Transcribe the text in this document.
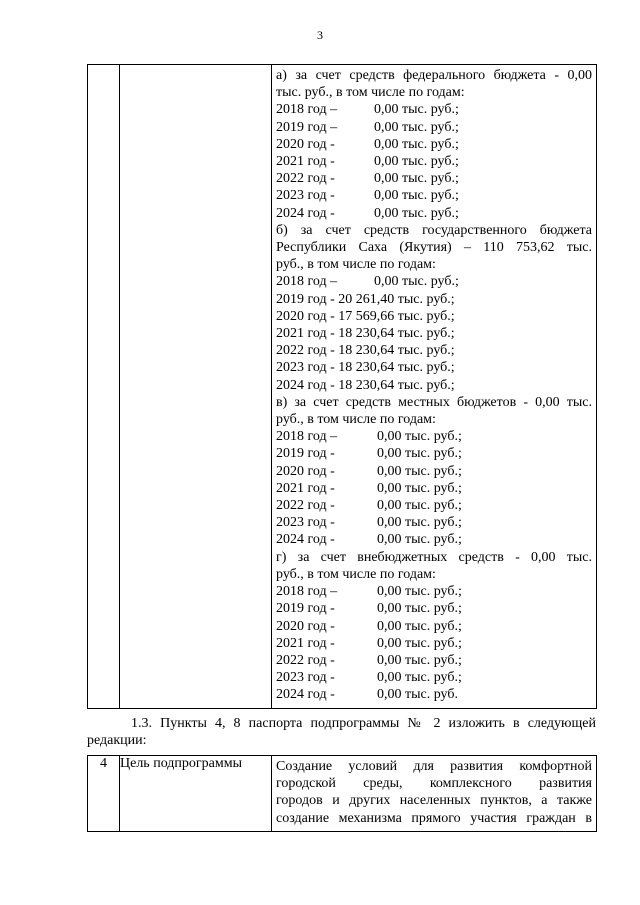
3

а) за счет средств федерального бюджета - 0,00
тыс. руб., в том числе по годам:
2018 год –	0,00 тыс. руб.;
2019 год –	0,00 тыс. руб.;
2020 год -	0,00 тыс. руб.;
2021 год -	0,00 тыс. руб.;
2022 год -	0,00 тыс. руб.;
2023 год -	0,00 тыс. руб.;
2024 год -	0,00 тыс. руб.;
б) за счет средств государственного бюджета
Республики Саха (Якутия) – 110 753,62 тыс.
руб., в том числе по годам:
2018 год –	0,00 тыс. руб.;
2019 год - 20 261,40 тыс. руб.;
2020 год - 17 569,66 тыс. руб.;
2021 год - 18 230,64 тыс. руб.;
2022 год - 18 230,64 тыс. руб.;
2023 год - 18 230,64 тыс. руб.;
2024 год - 18 230,64 тыс. руб.;
в) за счет средств местных бюджетов - 0,00 тыс.
руб., в том числе по годам:
2018 год –	0,00 тыс. руб.;
2019 год -	0,00 тыс. руб.;
2020 год -	0,00 тыс. руб.;
2021 год -	0,00 тыс. руб.;
2022 год -	0,00 тыс. руб.;
2023 год -	0,00 тыс. руб.;
2024 год -	0,00 тыс. руб.;
г) за счет внебюджетных средств - 0,00 тыс.
руб., в том числе по годам:
2018 год –	0,00 тыс. руб.;
2019 год -	0,00 тыс. руб.;
2020 год -	0,00 тыс. руб.;
2021 год -	0,00 тыс. руб.;
2022 год -	0,00 тыс. руб.;
2023 год -	0,00 тыс. руб.;
2024 год -	0,00 тыс. руб.
1.3. Пункты 4, 8 паспорта подпрограммы № 2 изложить в следующей
редакции:
4	Цель подпрограммы	Создание условий для развития комфортной
городской среды, комплексного развития
городов и других населенных пунктов, а также
создание механизма прямого участия граждан в
